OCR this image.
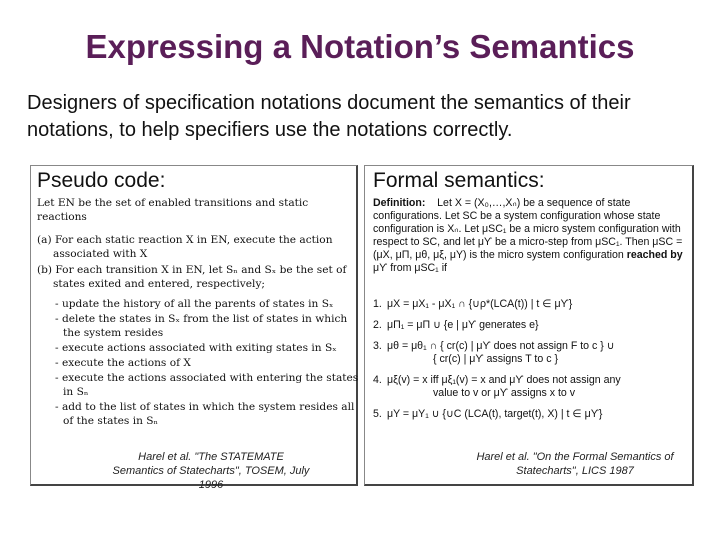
Expressing a Notation’s Semantics
Designers of specification notations document the semantics of their notations, to help specifiers use the notations correctly.
Pseudo code:
Let EN be the set of enabled transitions and static reactions
(a) For each static reaction X in EN, execute the action associated with X
(b) For each transition X in EN, let Sₙ and Sₓ be the set of states exited and entered, respectively;
- update the history of all the parents of states in Sₓ
- delete the states in Sₓ from the list of states in which the system resides
- execute actions associated with exiting states in Sₓ
- execute the actions of X
- execute the actions associated with entering the states in Sₙ
- add to the list of states in which the system resides all of the states in Sₙ
Harel et al. "The STATEMATE Semantics of Statecharts", TOSEM, July 1996
Formal semantics:
Definition: Let X = (X₀,…,Xₙ) be a sequence of state configurations. Let SC be a system configuration whose state configuration is Xₙ. Let μSC₁ be a micro system configuration with respect to SC, and let μϒ be a micro-step from μSC₁. Then μSC = (μX, μΠ, μθ, μξ, μY) is the micro system configuration reached by μϒ from μSC₁ if
1. μX = μX₁ - μX₁ ∩ {∪ρ*(LCA(t)) | t ∈ μϒ}
2. μΠ₁ = μΠ ∪ {e | μϒ generates e}
3. μθ = μθ₁ ∩ { cr(c) | μϒ does not assign F to c } ∪
{ cr(c) | μϒ assigns T to c }
4. μξ(v) = x iff μξ₁(v) = x and μϒ does not assign any
value to v or μϒ assigns x to v
5. μY = μY₁ ∪ {∪C (LCA(t), target(t), X) | t ∈ μϒ}
Harel et al. "On the Formal Semantics of Statecharts", LICS 1987
